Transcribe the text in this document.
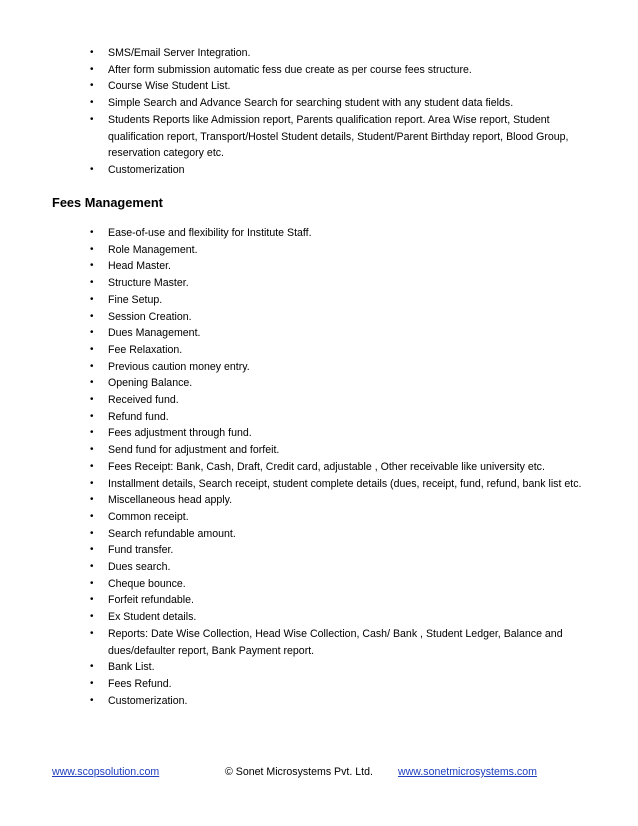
• SMS/Email Server Integration.
• After form submission automatic fess due create as per course fees structure.
• Course Wise Student List.
• Simple Search and Advance Search for searching student with any student data fields.
• Students Reports like Admission report, Parents qualification report. Area Wise report, Student qualification report, Transport/Hostel Student details, Student/Parent Birthday report, Blood Group, reservation category etc.
• Customerization
Fees Management
• Ease-of-use and flexibility for Institute Staff.
• Role Management.
• Head Master.
• Structure Master.
• Fine Setup.
• Session Creation.
• Dues Management.
• Fee Relaxation.
• Previous caution money entry.
• Opening Balance.
• Received fund.
• Refund fund.
• Fees adjustment through fund.
• Send fund for adjustment and forfeit.
• Fees Receipt: Bank, Cash, Draft, Credit card, adjustable , Other receivable like university etc.
• Installment details, Search receipt, student complete details (dues, receipt, fund, refund, bank list etc.
• Miscellaneous head apply.
• Common receipt.
• Search refundable amount.
• Fund transfer.
• Dues search.
• Cheque bounce.
• Forfeit refundable.
• Ex Student details.
• Reports: Date Wise Collection, Head Wise Collection, Cash/ Bank , Student Ledger, Balance and dues/defaulter report, Bank Payment report.
• Bank List.
• Fees Refund.
• Customerization.
www.scopsolution.com	© Sonet Microsystems Pvt. Ltd. www.sonetmicrosystems.com
